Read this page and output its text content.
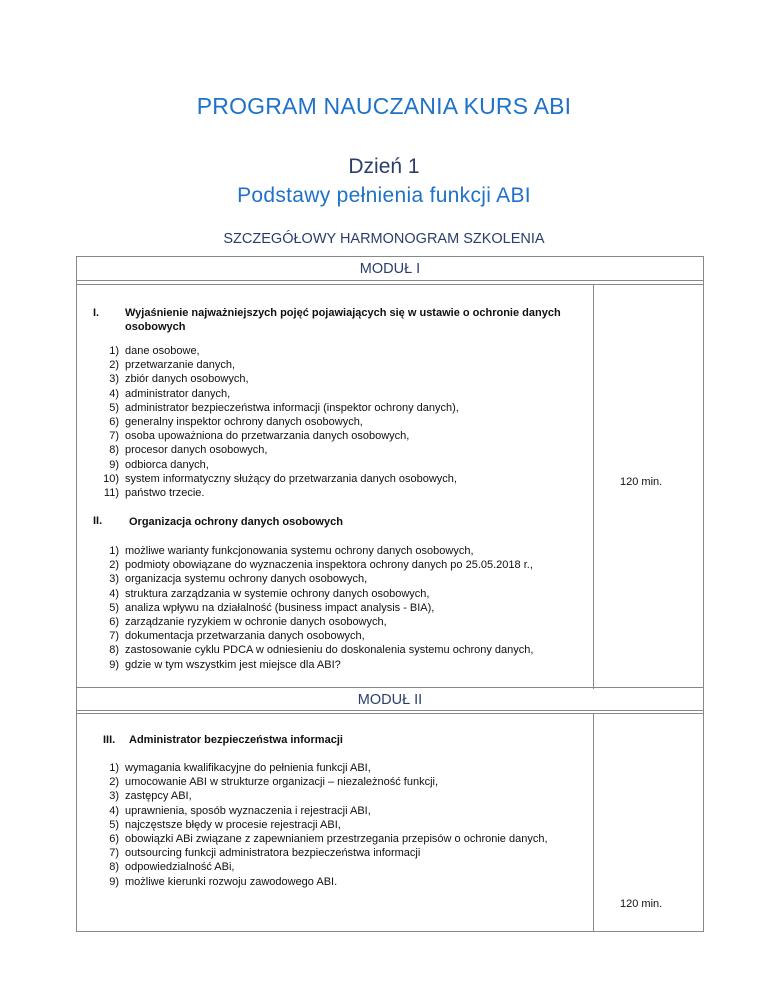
PROGRAM NAUCZANIA KURS ABI
Dzień 1
Podstawy pełnienia funkcji ABI
SZCZEGÓŁOWY HARMONOGRAM SZKOLENIA
MODUŁ I
I. Wyjaśnienie najważniejszych pojęć pojawiających się w ustawie o ochronie danych osobowych
1) dane osobowe,
2) przetwarzanie danych,
3) zbiór danych osobowych,
4) administrator danych,
5) administrator bezpieczeństwa informacji (inspektor ochrony danych),
6) generalny inspektor ochrony danych osobowych,
7) osoba upoważniona do przetwarzania danych osobowych,
8) procesor danych osobowych,
9) odbiorca danych,
10) system informatyczny służący do przetwarzania danych osobowych,
11) państwo trzecie.
II. Organizacja ochrony danych osobowych
1) możliwe warianty funkcjonowania systemu ochrony danych osobowych,
2) podmioty obowiązane do wyznaczenia inspektora ochrony danych po 25.05.2018 r.,
3) organizacja systemu ochrony danych osobowych,
4) struktura zarządzania w systemie ochrony danych osobowych,
5) analiza wpływu na działalność (business impact analysis - BIA),
6) zarządzanie ryzykiem w ochronie danych osobowych,
7) dokumentacja przetwarzania danych osobowych,
8) zastosowanie cyklu PDCA w odniesieniu do doskonalenia systemu ochrony danych,
9) gdzie w tym wszystkim jest miejsce dla ABI?
120 min.
MODUŁ II
III. Administrator bezpieczeństwa informacji
1) wymagania kwalifikacyjne do pełnienia funkcji ABI,
2) umocowanie ABI w strukturze organizacji – niezależność funkcji,
3) zastępcy ABI,
4) uprawnienia, sposób wyznaczenia i rejestracji ABI,
5) najczęstsze błędy w procesie rejestracji ABI,
6) obowiązki ABi związane z zapewnianiem przestrzegania przepisów o ochronie danych,
7) outsourcing funkcji administratora bezpieczeństwa informacji
8) odpowiedzialność ABi,
9) możliwe kierunki rozwoju zawodowego ABI.
120 min.
